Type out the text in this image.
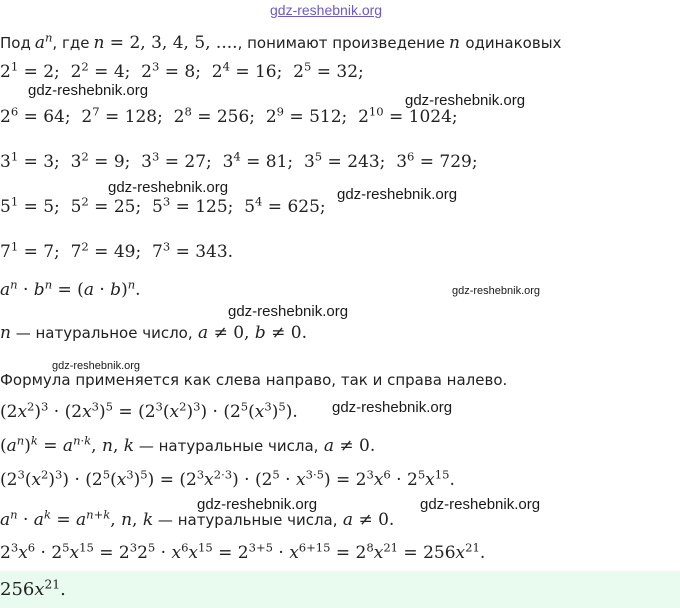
gdz-reshebnik.org
Под $a^n$, где n = 2, 3, 4, 5, ...., понимают произведение n одинаковых
$2^1 = 2$;  $2^2 = 4$;  $2^3 = 8$;  $2^4 = 16$;  $2^5 = 32$;
gdz-reshebnik.org
gdz-reshebnik.org
$2^6 = 64$;  $2^7 = 128$;  $2^8 = 256$;  $2^9 = 512$;  $2^{10} = 1024$;
$3^1 = 3$;  $3^2 = 9$;  $3^3 = 27$;  $3^4 = 81$;  $3^5 = 243$;  $3^6 = 729$;
gdz-reshebnik.org	gdz-reshebnik.org
$5^1 = 5$;  $5^2 = 25$;  $5^3 = 125$;  $5^4 = 625$;
$7^1 = 7$;  $7^2 = 49$;  $7^3 = 343$.
$a^n \cdot b^n = (a \cdot b)^n$.	gdz-reshebnik.org
gdz-reshebnik.org
n — натуральное число, a ≠ 0, b ≠ 0.
gdz-reshebnik.org
Формула применяется как слева направо, так и справа налево.
$(2x^2)^3 \cdot (2x^3)^5 = (2^3(x^2)^3) \cdot (2^5(x^3)^5)$. gdz-reshebnik.org
$(a^n)^k = a^{n\cdot k}$, n, k — натуральные числа, a ≠ 0.
$(2^3(x^2)^3) \cdot (2^5(x^3)^5) = (2^3x^{2\cdot 3}) \cdot (2^5 \cdot x^{3\cdot 5}) = 2^3x^6 \cdot 2^5x^{15}$.
gdz-reshebnik.org	gdz-reshebnik.org
$a^n \cdot a^k = a^{n+k}$, n, k — натуральные числа, a ≠ 0.
$2^3x^6 \cdot 2^5x^{15} = 2^32^5 \cdot x^6x^{15} = 2^{3+5} \cdot x^{6+15} = 2^8x^{21} = 256x^{21}$.
$256x^{21}$.
